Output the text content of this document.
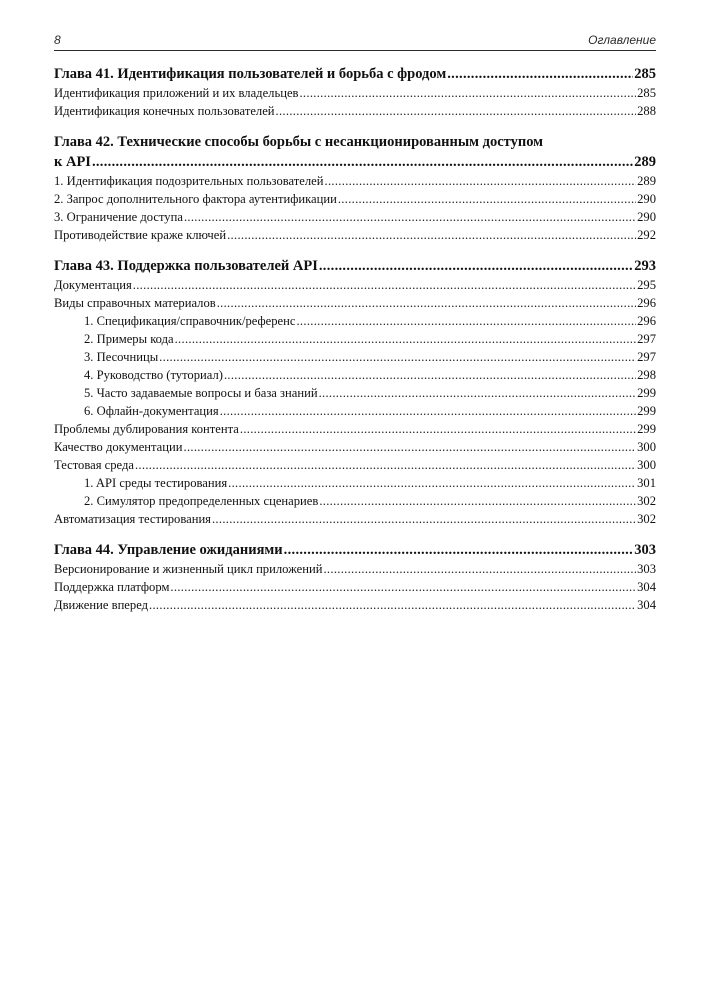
8	Оглавление
Глава 41. Идентификация пользователей и борьба с фродом .....	285
Идентификация приложений и их владельцев .....	285
Идентификация конечных пользователей .....	288
Глава 42. Технические способы борьбы с несанкционированным доступом
к API .....	289
1. Идентификация подозрительных пользователей .....	289
2. Запрос дополнительного фактора аутентификации .....	290
3. Ограничение доступа .....	290
Противодействие краже ключей .....	292
Глава 43. Поддержка пользователей API .....	293
Документация .....	295
Виды справочных материалов .....	296
1. Спецификация/справочник/референс .....	296
2. Примеры кода .....	297
3. Песочницы .....	297
4. Руководство (туториал) .....	298
5. Часто задаваемые вопросы и база знаний .....	299
6. Офлайн-документация .....	299
Проблемы дублирования контента .....	299
Качество документации .....	300
Тестовая среда .....	300
1. API среды тестирования .....	301
2. Симулятор предопределенных сценариев .....	302
Автоматизация тестирования .....	302
Глава 44. Управление ожиданиями .....	303
Версионирование и жизненный цикл приложений .....	303
Поддержка платформ .....	304
Движение вперед .....	304
